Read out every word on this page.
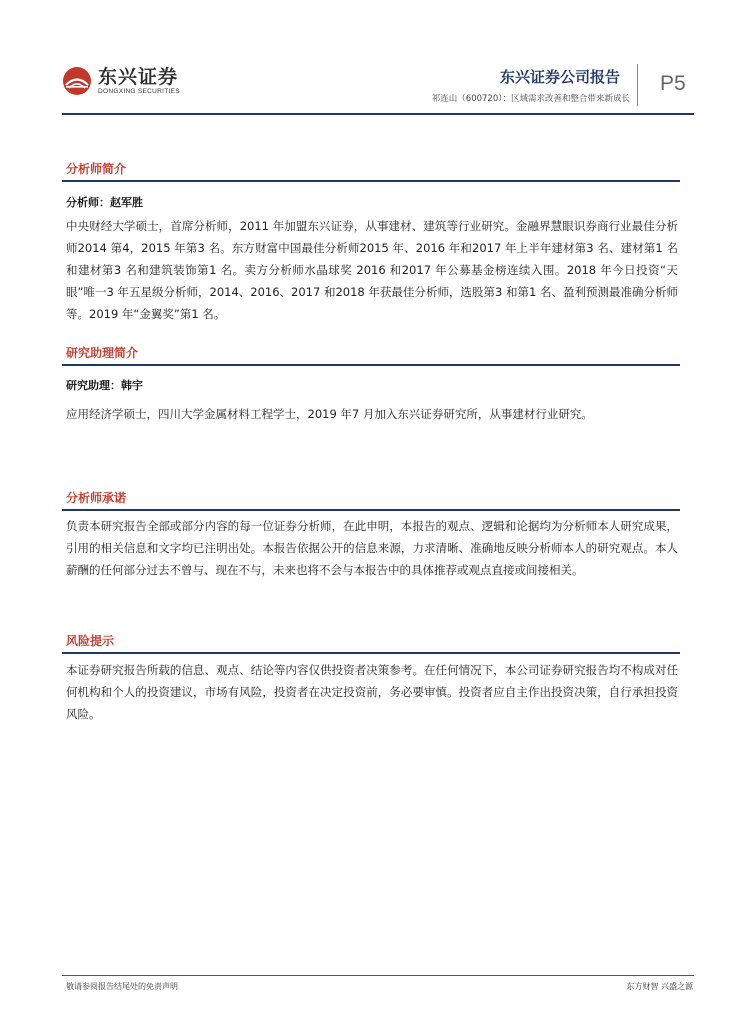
东兴证券
DONGXING SECURITIES
东兴证券公司报告
祁连山（600720）：区域需求改善和整合带来新成长
P5
分析师简介
分析师：赵军胜
中央财经大学硕士，首席分析师，2011 年加盟东兴证券，从事建材、建筑等行业研究。金融界慧眼识券商行业最佳分析师2014 第4，2015 年第3 名。东方财富中国最佳分析师2015 年、2016 年和2017 年上半年建材第3 名、建材第1 名和建材第3 名和建筑装饰第1 名。卖方分析师水晶球奖 2016 和2017 年公募基金榜连续入围。2018 年今日投资“天眼”唯一3 年五星级分析师，2014、2016、2017 和2018 年获最佳分析师，选股第3 和第1 名、盈利预测最准确分析师等。2019 年“金翼奖”第1 名。
研究助理简介
研究助理：韩宇
应用经济学硕士，四川大学金属材料工程学士，2019 年7 月加入东兴证券研究所，从事建材行业研究。
分析师承诺
负责本研究报告全部或部分内容的每一位证券分析师，在此申明，本报告的观点、逻辑和论据均为分析师本人研究成果，引用的相关信息和文字均已注明出处。本报告依据公开的信息来源，力求清晰、准确地反映分析师本人的研究观点。本人薪酬的任何部分过去不曾与、现在不与，未来也将不会与本报告中的具体推荐或观点直接或间接相关。
风险提示
本证券研究报告所载的信息、观点、结论等内容仅供投资者决策参考。在任何情况下，本公司证券研究报告均不构成对任何机构和个人的投资建议，市场有风险，投资者在决定投资前，务必要审慎。投资者应自主作出投资决策，自行承担投资风险。
敬请参阅报告结尾处的免责声明	东方财智 兴盛之源
